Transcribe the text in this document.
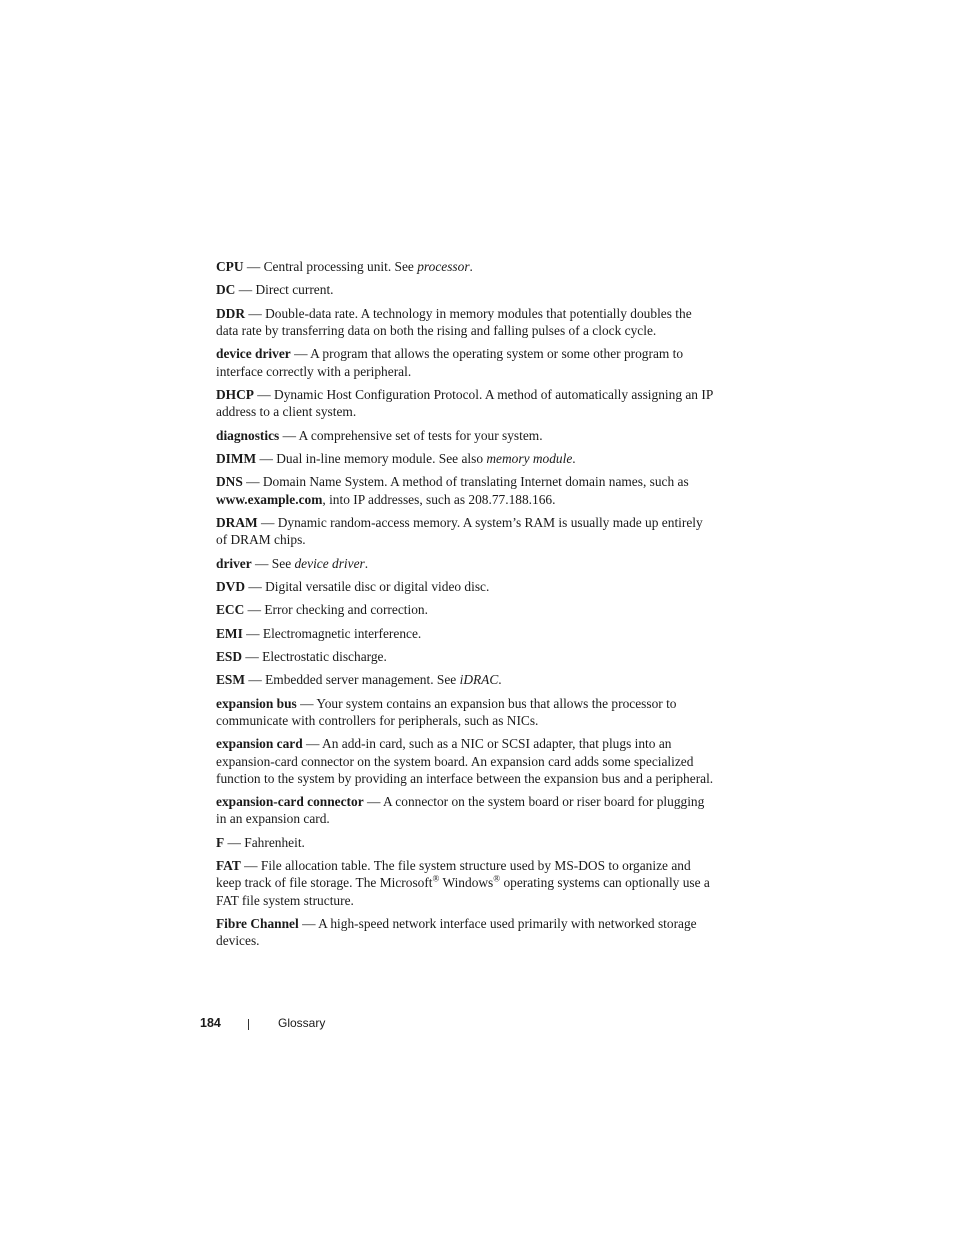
CPU — Central processing unit. See processor.

DC — Direct current.

DDR — Double-data rate. A technology in memory modules that potentially doubles the data rate by transferring data on both the rising and falling pulses of a clock cycle.

device driver — A program that allows the operating system or some other program to interface correctly with a peripheral.

DHCP — Dynamic Host Configuration Protocol. A method of automatically assigning an IP address to a client system.

diagnostics — A comprehensive set of tests for your system.

DIMM — Dual in-line memory module. See also memory module.

DNS — Domain Name System. A method of translating Internet domain names, such as www.example.com, into IP addresses, such as 208.77.188.166.

DRAM — Dynamic random-access memory. A system’s RAM is usually made up entirely of DRAM chips.

driver — See device driver.

DVD — Digital versatile disc or digital video disc.

ECC — Error checking and correction.

EMI — Electromagnetic interference.

ESD — Electrostatic discharge.

ESM — Embedded server management. See iDRAC.

expansion bus — Your system contains an expansion bus that allows the processor to communicate with controllers for peripherals, such as NICs.

expansion card — An add-in card, such as a NIC or SCSI adapter, that plugs into an expansion-card connector on the system board. An expansion card adds some specialized function to the system by providing an interface between the expansion bus and a peripheral.

expansion-card connector — A connector on the system board or riser board for plugging in an expansion card.

F — Fahrenheit.

FAT — File allocation table. The file system structure used by MS-DOS to organize and keep track of file storage. The Microsoft® Windows® operating systems can optionally use a FAT file system structure.

Fibre Channel — A high-speed network interface used primarily with networked storage devices.

184	Glossary
